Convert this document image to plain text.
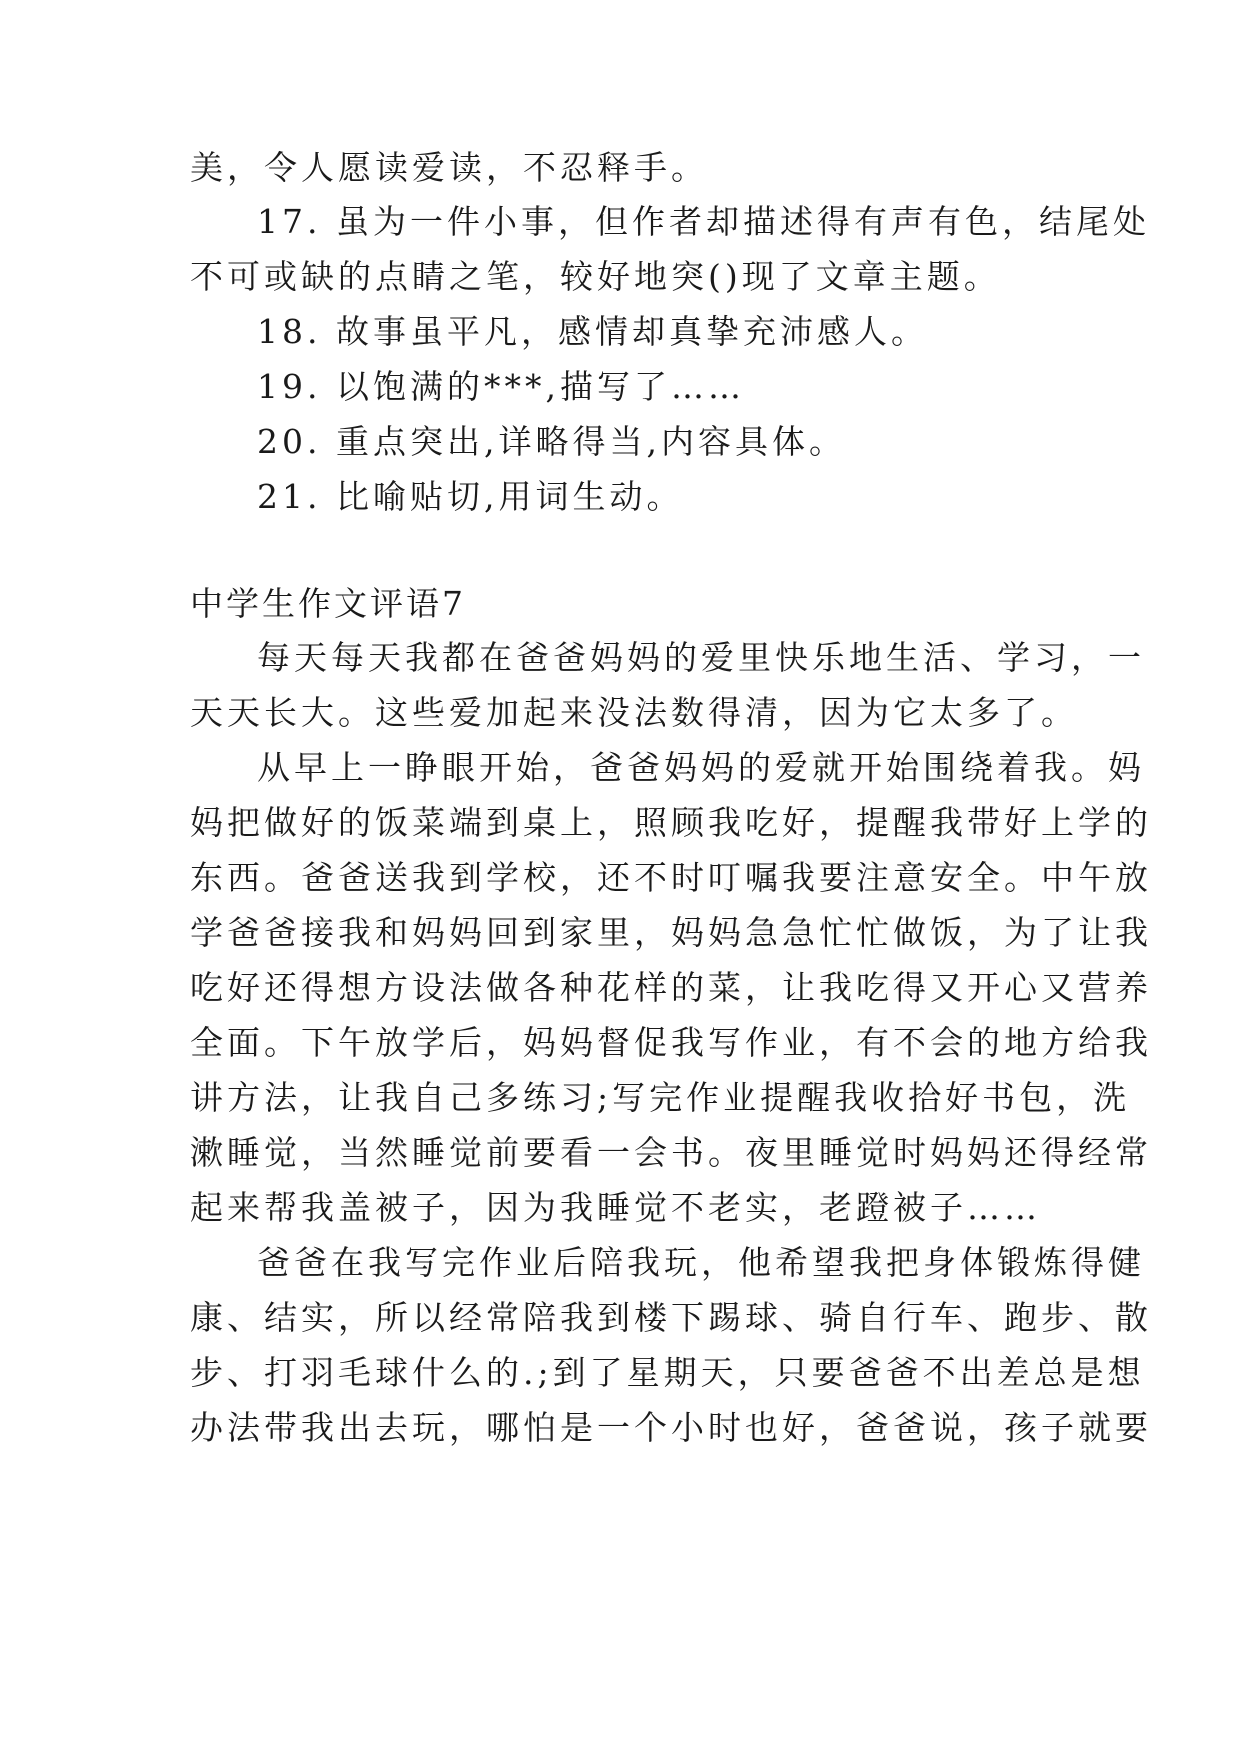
美，令人愿读爱读，不忍释手。
17. 虽为一件小事，但作者却描述得有声有色，结尾处
不可或缺的点睛之笔，较好地突()现了文章主题。
18. 故事虽平凡，感情却真挚充沛感人。
19. 以饱满的***,描写了……
20. 重点突出,详略得当,内容具体。
21. 比喻贴切,用词生动。
中学生作文评语7
每天每天我都在爸爸妈妈的爱里快乐地生活、学习，一
天天长大。这些爱加起来没法数得清，因为它太多了。
从早上一睁眼开始，爸爸妈妈的爱就开始围绕着我。妈
妈把做好的饭菜端到桌上，照顾我吃好，提醒我带好上学的
东西。爸爸送我到学校，还不时叮嘱我要注意安全。中午放
学爸爸接我和妈妈回到家里，妈妈急急忙忙做饭，为了让我
吃好还得想方设法做各种花样的菜，让我吃得又开心又营养
全面。下午放学后，妈妈督促我写作业，有不会的地方给我
讲方法，让我自己多练习;写完作业提醒我收拾好书包，洗
漱睡觉，当然睡觉前要看一会书。夜里睡觉时妈妈还得经常
起来帮我盖被子，因为我睡觉不老实，老蹬被子……
爸爸在我写完作业后陪我玩，他希望我把身体锻炼得健
康、结实，所以经常陪我到楼下踢球、骑自行车、跑步、散
步、打羽毛球什么的.;到了星期天，只要爸爸不出差总是想
办法带我出去玩，哪怕是一个小时也好，爸爸说，孩子就要
